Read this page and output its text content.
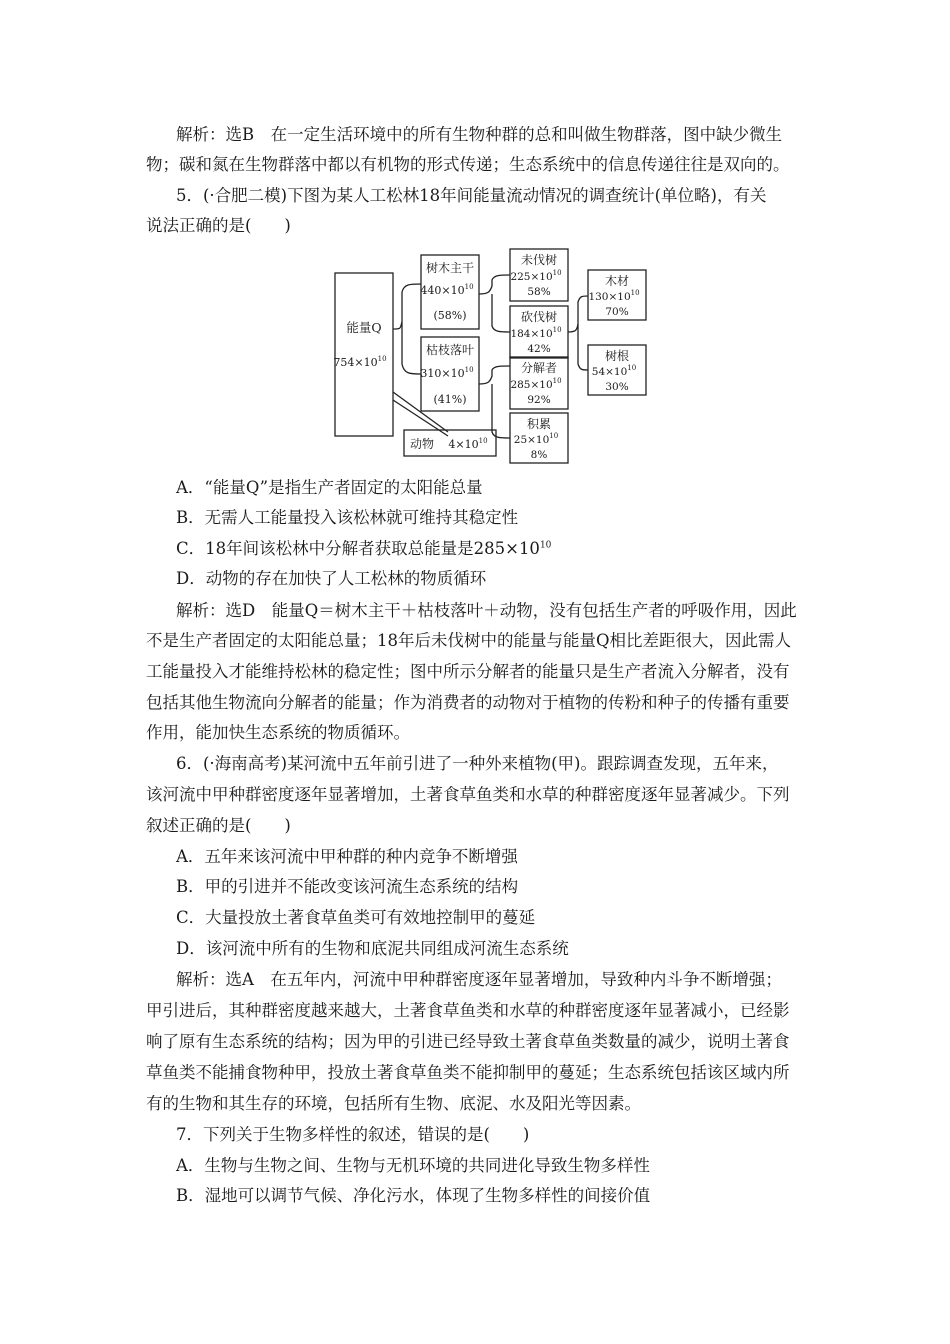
解析：选B　在一定生活环境中的所有生物种群的总和叫做生物群落，图中缺少微生
物；碳和氮在生物群落中都以有机物的形式传递；生态系统中的信息传递往往是双向的。
5．(·合肥二模)下图为某人工松林18年间能量流动情况的调查统计(单位略)，有关
说法正确的是(　　)
能量Q
$754\times 10^{10}$
树木主干
$440\times 10^{10}$
(58%)
枯枝落叶
$310\times 10^{10}$
(41%)
动物 $4\times 10^{10}$
未伐树
$225\times 10^{10}$
58%
砍伐树
$184\times 10^{10}$
42%
分解者
$285\times 10^{10}$
92%
积累
$25\times 10^{10}$
8%
木材
$130\times 10^{10}$
70%
树根
$54\times 10^{10}$
30%
A．“能量Q”是指生产者固定的太阳能总量
B．无需人工能量投入该松林就可维持其稳定性
C．18年间该松林中分解者获取总能量是$285\times 10^{10}$
D．动物的存在加快了人工松林的物质循环
解析：选D　能量Q＝树木主干＋枯枝落叶＋动物，没有包括生产者的呼吸作用，因此
不是生产者固定的太阳能总量；18年后未伐树中的能量与能量Q相比差距很大，因此需人
工能量投入才能维持松林的稳定性；图中所示分解者的能量只是生产者流入分解者，没有
包括其他生物流向分解者的能量；作为消费者的动物对于植物的传粉和种子的传播有重要
作用，能加快生态系统的物质循环。
6．(·海南高考)某河流中五年前引进了一种外来植物(甲)。跟踪调查发现，五年来，
该河流中甲种群密度逐年显著增加，土著食草鱼类和水草的种群密度逐年显著减少。下列
叙述正确的是(　　)
A．五年来该河流中甲种群的种内竞争不断增强
B．甲的引进并不能改变该河流生态系统的结构
C．大量投放土著食草鱼类可有效地控制甲的蔓延
D．该河流中所有的生物和底泥共同组成河流生态系统
解析：选A　在五年内，河流中甲种群密度逐年显著增加，导致种内斗争不断增强；
甲引进后，其种群密度越来越大，土著食草鱼类和水草的种群密度逐年显著减小，已经影
响了原有生态系统的结构；因为甲的引进已经导致土著食草鱼类数量的减少，说明土著食
草鱼类不能捕食物种甲，投放土著食草鱼类不能抑制甲的蔓延；生态系统包括该区域内所
有的生物和其生存的环境，包括所有生物、底泥、水及阳光等因素。
7．下列关于生物多样性的叙述，错误的是(　　)
A．生物与生物之间、生物与无机环境的共同进化导致生物多样性
B．湿地可以调节气候、净化污水，体现了生物多样性的间接价值
